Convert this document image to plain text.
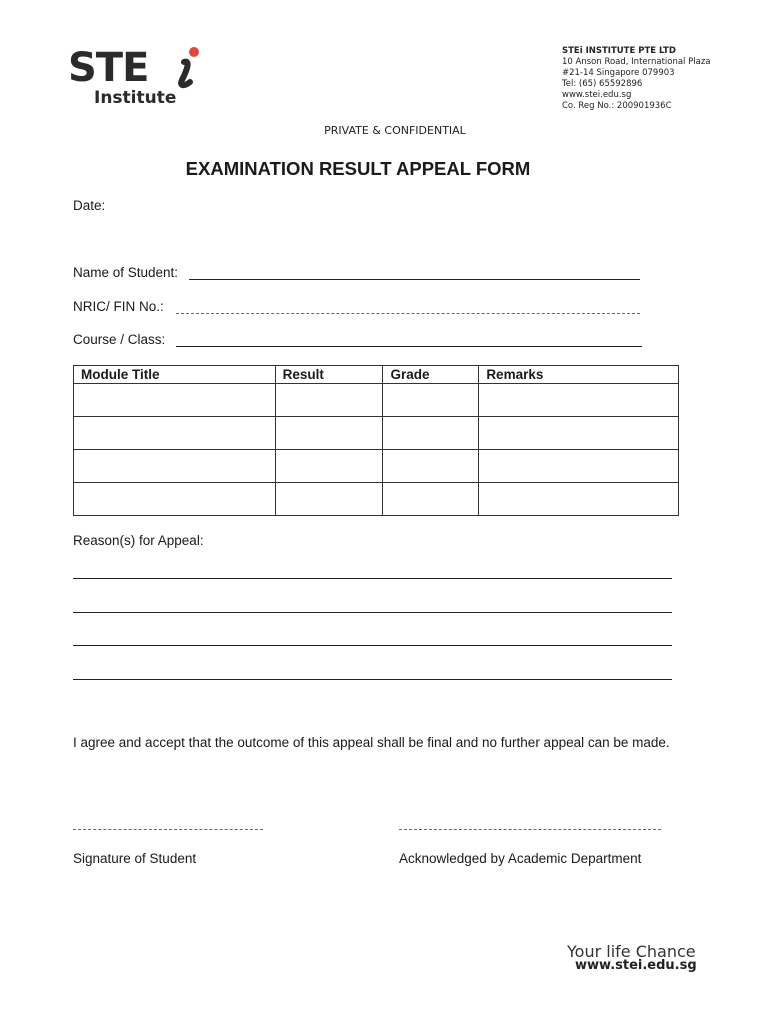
STE
Institute
STEi INSTITUTE PTE LTD
10 Anson Road, International Plaza
#21-14 Singapore 079903
Tel: (65) 65592896
www.stei.edu.sg
Co. Reg No.: 200901936C
PRIVATE & CONFIDENTIAL
EXAMINATION RESULT APPEAL FORM
Date:
Name of Student:
NRIC/ FIN No.:
Course / Class:
Module Title	Result	Grade	Remarks

Reason(s) for Appeal:
I agree and accept that the outcome of this appeal shall be final and no further appeal can be made.
Signature of Student	Acknowledged by Academic Department
Your life Chance
www.stei.edu.sg
